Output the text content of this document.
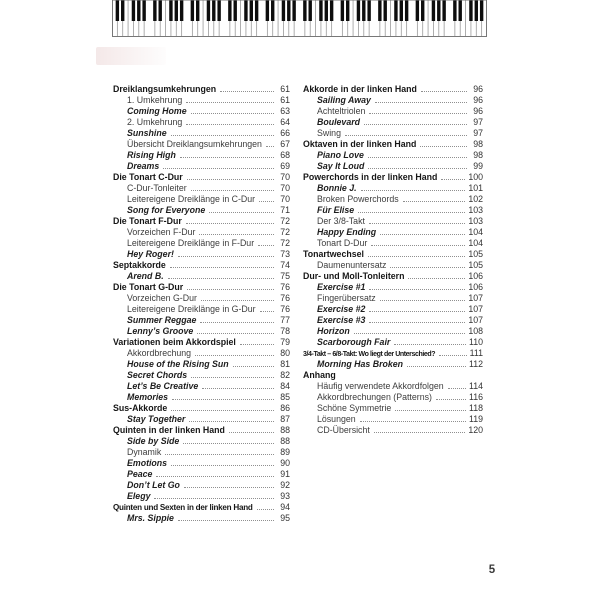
Dreiklangsumkehrungen	61
1. Umkehrung	61
Coming Home	63
2. Umkehrung	64
Sunshine	66
Übersicht Dreiklangsumkehrungen	67
Rising High	68
Dreams	69
Die Tonart C-Dur	70
C-Dur-Tonleiter	70
Leitereigene Dreiklänge in C-Dur	70
Song for Everyone	71
Die Tonart F-Dur	72
Vorzeichen F-Dur	72
Leitereigene Dreiklänge in F-Dur	72
Hey Roger!	73
Septakkorde	74
Arend B.	75
Die Tonart G-Dur	76
Vorzeichen G-Dur	76
Leitereigene Dreiklänge in G-Dur	76
Summer Reggae	77
Lenny’s Groove	78
Variationen beim Akkordspiel	79
Akkordbrechung	80
House of the Rising Sun	81
Secret Chords	82
Let’s Be Creative	84
Memories	85
Sus-Akkorde	86
Stay Together	87
Quinten in der linken Hand	88
Side by Side	88
Dynamik	89
Emotions	90
Peace	91
Don’t Let Go	92
Elegy	93
Quinten und Sexten in der linken Hand	94
Mrs. Sippie	95
Akkorde in der linken Hand	96
Sailing Away	96
Achteltriolen	96
Boulevard	97
Swing	97
Oktaven in der linken Hand	98
Piano Love	98
Say It Loud	99
Powerchords in der linken Hand	100
Bonnie J.	101
Broken Powerchords	102
Für Elise	103
Der 3/8-Takt	103
Happy Ending	104
Tonart D-Dur	104
Tonartwechsel	105
Daumenuntersatz	105
Dur- und Moll-Tonleitern	106
Exercise #1	106
Fingerübersatz	107
Exercise #2	107
Exercise #3	107
Horizon	108
Scarborough Fair	110
3/4-Takt – 6/8-Takt: Wo liegt der Unterschied?	111
Morning Has Broken	112
Anhang
Häufig verwendete Akkordfolgen	114
Akkordbrechungen (Patterns)	116
Schöne Symmetrie	118
Lösungen	119
CD-Übersicht	120
5
